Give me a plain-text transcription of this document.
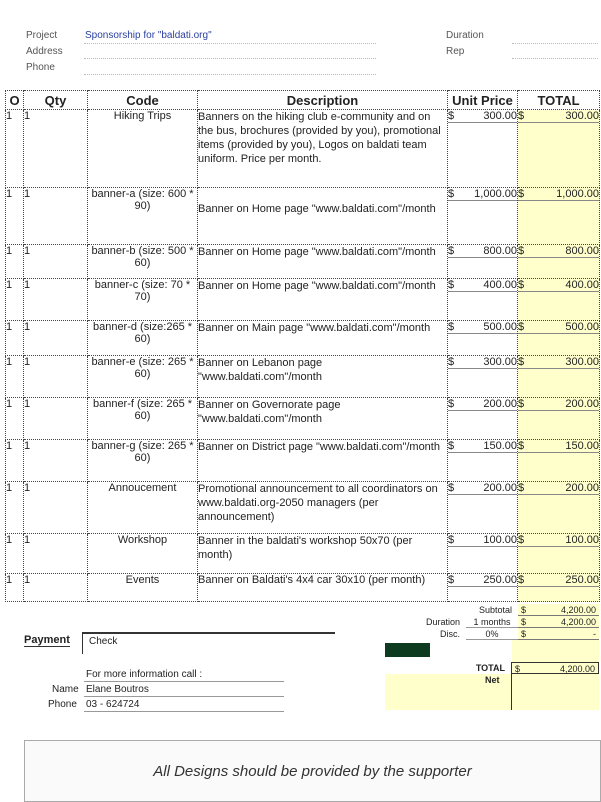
Project	Sponsorship for "baldati.org"
Address
Phone
Duration
Rep
O	Qty	Code	Description	Unit Price	TOTAL
1	1	Hiking Trips	Banners on the hiking club e-community and on the bus, brochures (provided by you), promotional items (provided by you), Logos on baldati team uniform. Price per month.	$ 300.00	$ 300.00

1	1	banner-a (size: 600 * 90)	Banner on Home page "www.baldati.com"/month	$ 1,000.00	$ 1,000.00

1	1	banner-b (size: 500 * 60)	Banner on Home page "www.baldati.com"/month	$ 800.00	$ 800.00

1	1	banner-c (size: 70 * 70)	Banner on Home page "www.baldati.com"/month	$ 400.00	$ 400.00

1	1	banner-d (size:265 * 60)	Banner on Main page "www.baldati.com"/month	$ 500.00	$ 500.00

1	1	banner-e (size: 265 * 60)	Banner on Lebanon page "www.baldati.com"/month	$ 300.00	$ 300.00

1	1	banner-f (size: 265 * 60)	Banner on Governorate page "www.baldati.com"/month	$ 200.00	$ 200.00

1	1	banner-g (size: 265 * 60)	Banner on District page "www.baldati.com"/month	$ 150.00	$ 150.00

1	1	Annoucement	Promotional announcement to all coordinators on www.baldati.org-2050 managers (per announcement)	$ 200.00	$ 200.00

1	1	Workshop	Banner in the baldati's workshop 50x70 (per month)	$ 100.00	$ 100.00

1	1	Events	Banner on Baldati's 4x4 car 30x10 (per month)	$ 250.00	$ 250.00
Subtotal	$	4,200.00
Duration	1 months	$	4,200.00
Disc.	0%	$	-
TOTAL	$	4,200.00
Net
Payment	Check
For more information call :
Name Elane Boutros
Phone 03 - 624724
All Designs should be provided by the supporter
